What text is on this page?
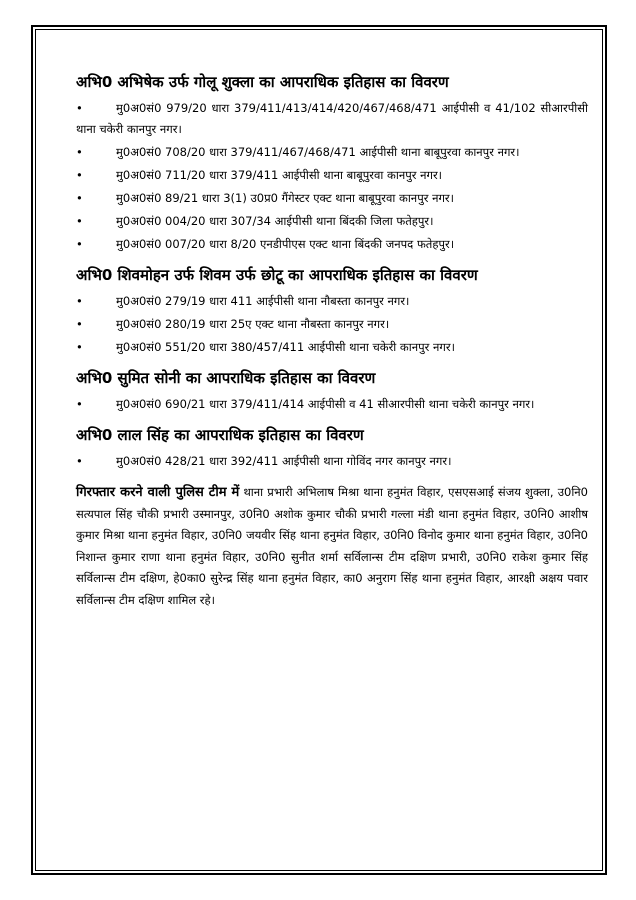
अभि0 अभिषेक उर्फ गोलू शुक्ला का आपराधिक इतिहास का विवरण
•	मु0अ0सं0 979/20 धारा 379/411/413/414/420/467/468/471 आईपीसी व 41/102 सीआरपीसी थाना चकेरी कानपुर नगर।
•	मु0अ0सं0 708/20 धारा 379/411/467/468/471 आईपीसी थाना बाबूपुरवा कानपुर नगर।
•	मु0अ0सं0 711/20 धारा 379/411 आईपीसी थाना बाबूपुरवा कानपुर नगर।
•	मु0अ0सं0 89/21 धारा 3(1) उ0प्र0 गैंगेस्टर एक्ट थाना बाबूपुरवा कानपुर नगर।
•	मु0अ0सं0 004/20 धारा 307/34 आईपीसी थाना बिंदकी जिला फतेहपुर।
•	मु0अ0सं0 007/20 धारा 8/20 एनडीपीएस एक्ट थाना बिंदकी जनपद फतेहपुर।
अभि0 शिवमोहन उर्फ शिवम उर्फ छोटू का आपराधिक इतिहास का विवरण
•	मु0अ0सं0 279/19 धारा 411 आईपीसी थाना नौबस्ता कानपुर नगर।
•	मु0अ0सं0 280/19 धारा 25ए एक्ट थाना नौबस्ता कानपुर नगर।
•	मु0अ0सं0 551/20 धारा 380/457/411 आईपीसी थाना चकेरी कानपुर नगर।
अभि0 सुमित सोनी का आपराधिक इतिहास का विवरण
•	मु0अ0सं0 690/21 धारा 379/411/414 आईपीसी व 41 सीआरपीसी थाना चकेरी कानपुर नगर।
अभि0 लाल सिंह का आपराधिक इतिहास का विवरण
•	मु0अ0सं0 428/21 धारा 392/411 आईपीसी थाना गोविंद नगर कानपुर नगर।
गिरफ्तार करने वाली पुलिस टीम में थाना प्रभारी अभिलाष मिश्रा थाना हनुमंत विहार, एसएसआई संजय शुक्ला, उ0नि0 सत्यपाल सिंह चौकी प्रभारी उस्मानपुर, उ0नि0 अशोक कुमार चौकी प्रभारी गल्ला मंडी थाना हनुमंत विहार, उ0नि0 आशीष कुमार मिश्रा थाना हनुमंत विहार, उ0नि0 जयवीर सिंह थाना हनुमंत विहार, उ0नि0 विनोद कुमार थाना हनुमंत विहार, उ0नि0 निशान्त कुमार राणा थाना हनुमंत विहार, उ0नि0 सुनीत शर्मा सर्विलान्स टीम दक्षिण प्रभारी, उ0नि0 राकेश कुमार सिंह सर्विलान्स टीम दक्षिण, हे0का0 सुरेन्द्र सिंह थाना हनुमंत विहार, का0 अनुराग सिंह थाना हनुमंत विहार, आरक्षी अक्षय पवार सर्विलान्स टीम दक्षिण शामिल रहे।
